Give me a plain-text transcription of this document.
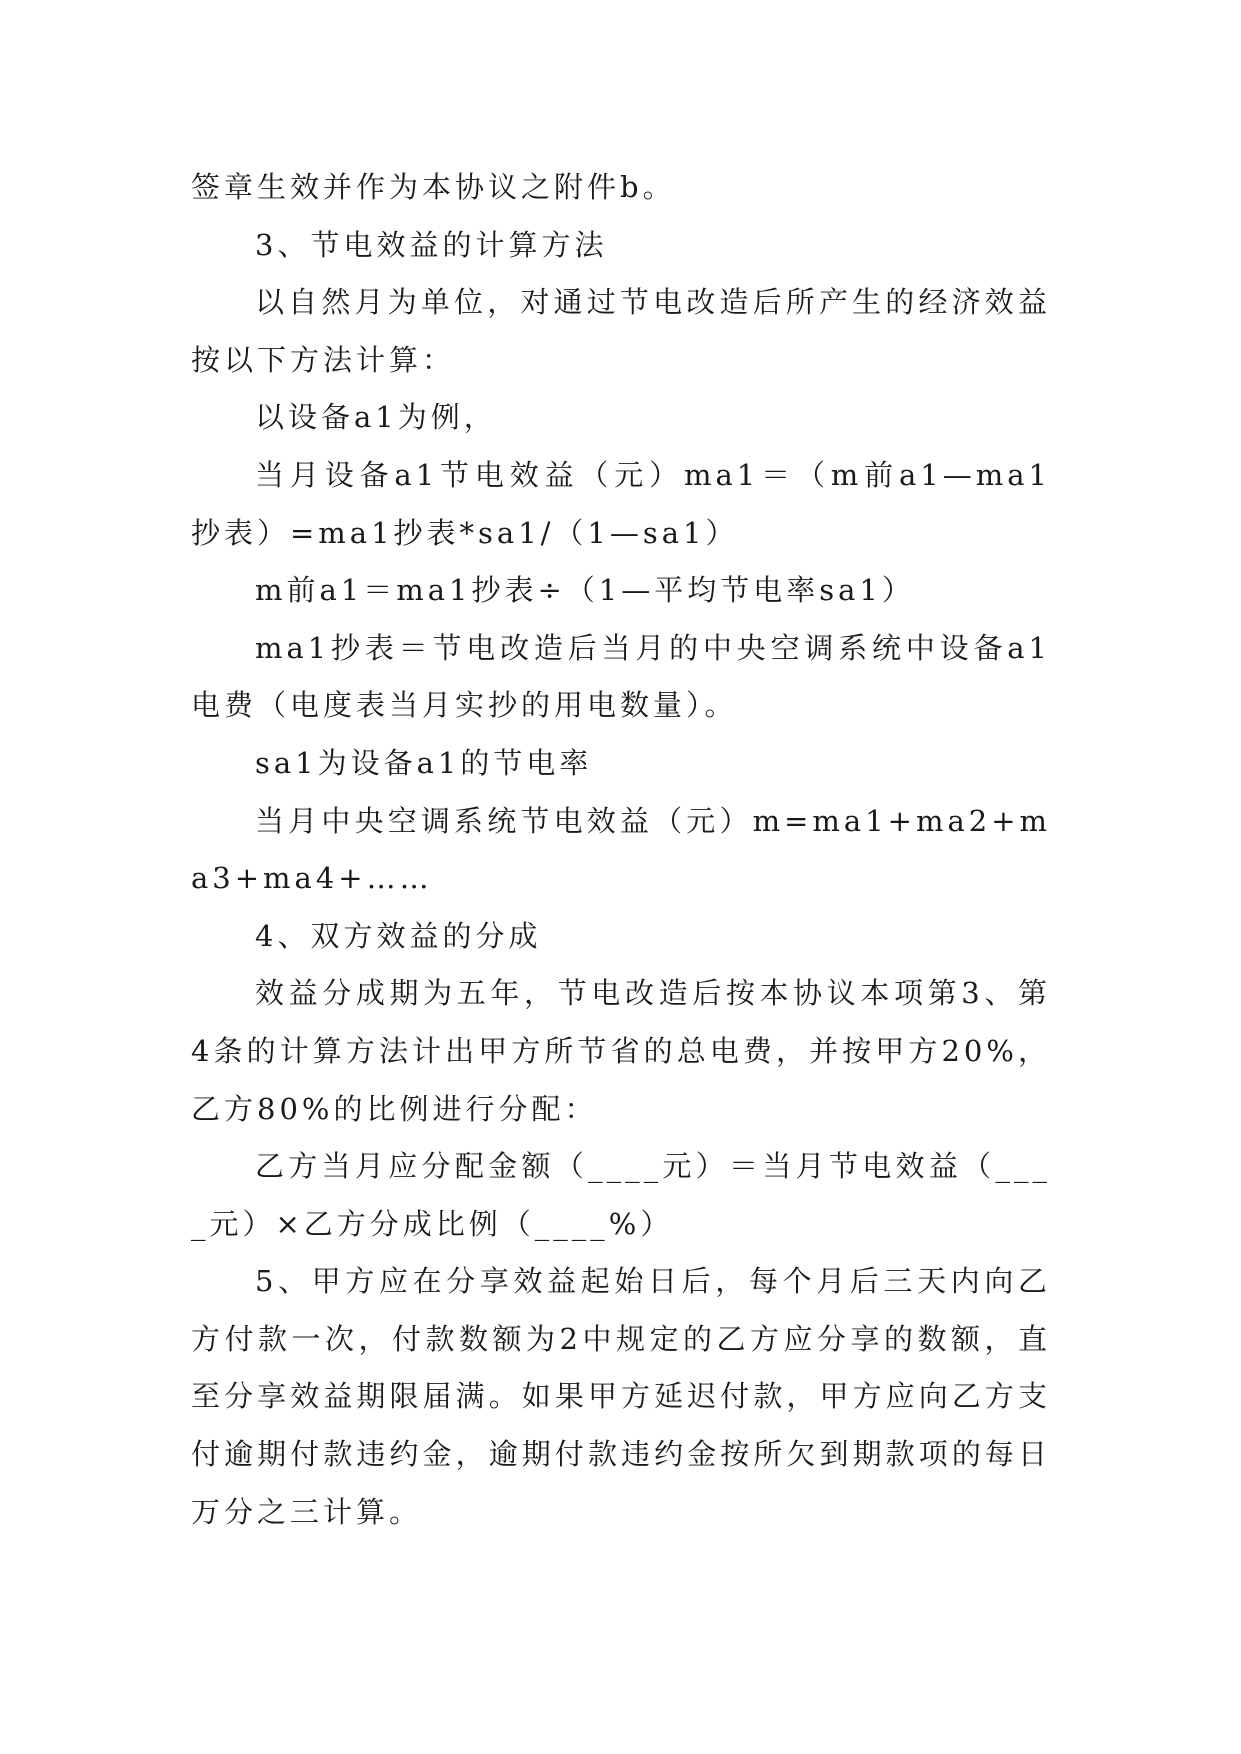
签章生效并作为本协议之附件b。

3、节电效益的计算方法

以自然月为单位，对通过节电改造后所产生的经济效益按以下方法计算：

以设备a1为例，

当月设备a1节电效益（元）ma1＝（m前a1—ma1抄表）=ma1抄表*sa1/（1—sa1）

m前a1＝ma1抄表÷（1—平均节电率sa1）

ma1抄表＝节电改造后当月的中央空调系统中设备a1电费（电度表当月实抄的用电数量）。

sa1为设备a1的节电率

当月中央空调系统节电效益（元）m=ma1+ma2+ma3+ma4+……

4、双方效益的分成

效益分成期为五年，节电改造后按本协议本项第3、第4条的计算方法计出甲方所节省的总电费，并按甲方20%，乙方80%的比例进行分配：

乙方当月应分配金额（____元）＝当月节电效益（____元）×乙方分成比例（____%）

5、甲方应在分享效益起始日后，每个月后三天内向乙方付款一次，付款数额为2中规定的乙方应分享的数额，直至分享效益期限届满。如果甲方延迟付款，甲方应向乙方支付逾期付款违约金，逾期付款违约金按所欠到期款项的每日万分之三计算。
